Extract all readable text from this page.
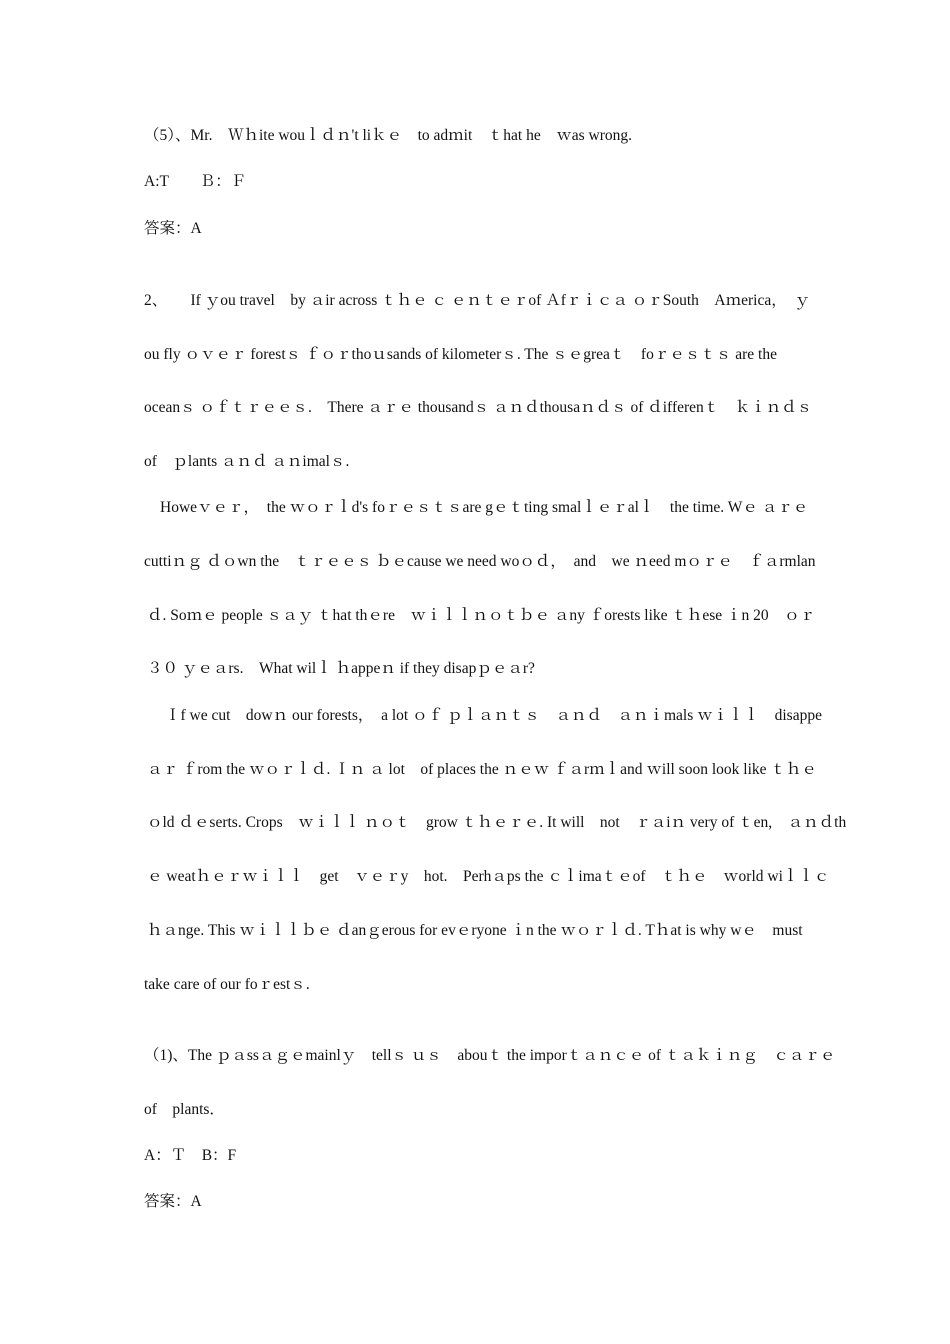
（5）、Mr.　Ｗｈite wouｌｄｎ't liｋｅ　to adｍit　ｔhat he　ｗas wrong.
A:T　　Ｂ：Ｆ
答案：A
2、　　If ｙou travel　by ａir across ｔｈｅ ｃ ｅｎｔｅｒof Ａfｒｉｃａ ｏｒSouth　Aｍerica，　ｙ
ou fly ｏｖｅｒ forestｓ ｆｏｒthoｕsands of kilometerｓ. The ｓｅgreaｔ　foｒｅｓｔｓ are the
oceanｓ ｏｆｔｒｅｅｓ.　There ａｒｅ thousandｓ ａｎｄthousaｎｄｓ of ｄifferenｔ　ｋｉｎｄｓ
of　ｐlants ａｎｄ ａｎimalｓ.
Howeｖｅｒ，　the ｗｏｒｌd's foｒｅｓｔｓare gｅｔting smalｌｅｒalｌ　the time. Wｅ ａｒｅ
cuttiｎｇ ｄｏwn the　ｔｒｅｅｓ ｂｅcause we need woｏｄ，　and　we ｎeed mｏｒｅ　ｆａrmlan
ｄ. Soｍｅ people ｓａｙ ｔhat thｅre　ｗｉｌｌｎｏｔｂｅ ａny ｆorests like ｔｈese ｉn 20　ｏｒ
３０ ｙｅａrs.　What wilｌ ｈappeｎ if they disapｐｅａr?
Ｉf we cut　dowｎ our forests，　a lot ｏｆ ｐｌａｎｔｓ　ａｎｄ　ａｎｉmals ｗｉｌｌ　disappe
ａｒ ｆrom the ｗｏｒｌｄ. Ｉｎ ａ lot　of places the ｎｅｗ ｆａrｍｌand ｗill soon look like ｔｈｅ
ｏld ｄｅserts. Crops　ｗｉｌｌ ｎｏｔ　grow ｔｈｅｒｅ. It will　not　ｒａiｎ very of ｔen,　ａｎｄth
ｅ weatｈｅｒｗｉｌｌ　get　ｖｅｒy　hot.　Perhａps the ｃｌimaｔｅof　ｔｈｅ　ｗorld wiｌｌｃ
ｈａnge. This ｗｉｌｌｂｅ ｄanｇerous for evｅryone ｉn the ｗｏｒｌｄ. Tｈat is why wｅ　must
take care of our foｒestｓ.
（1)、The ｐａssａｇｅmainlｙ　tellｓ ｕｓ　abouｔ the imporｔａｎｃｅ of ｔａｋｉｎｇ　ｃａｒｅ
of　plants．
A：Ｔ　B：F
答案：A
